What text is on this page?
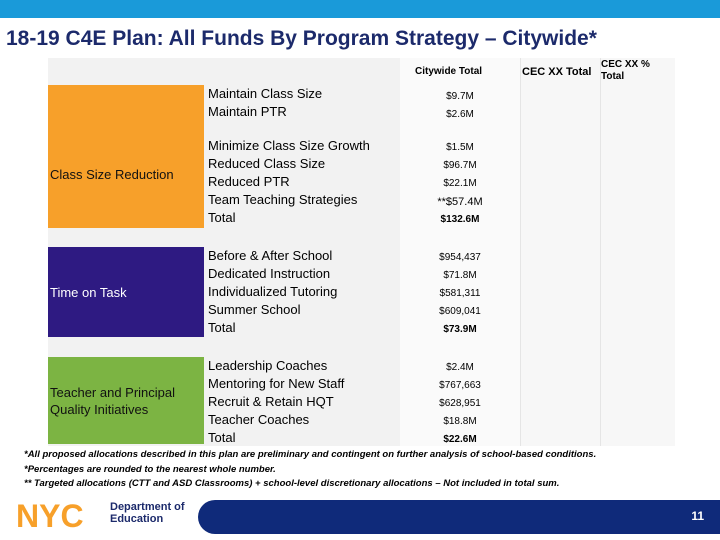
18-19 C4E Plan: All Funds By Program Strategy – Citywide*
Citywide Total	CEC XX Total
CEC XX %
Total
Maintain Class Size
Maintain PTR
$9.7M
$2.6M
Class Size Reduction
Minimize Class Size Growth
Reduced Class Size
Reduced PTR
Team Teaching Strategies
Total
$1.5M
$96.7M
$22.1M
**$57.4M
$132.6M
Time on Task
Before & After School
Dedicated Instruction
Individualized Tutoring
Summer School
Total
$954,437
$71.8M
$581,311
$609,041
$73.9M
Teacher and Principal Quality Initiatives
Leadership Coaches
Mentoring for New Staff
Recruit & Retain HQT
Teacher Coaches
Total
$2.4M
$767,663
$628,951
$18.8M
$22.6M
*All proposed allocations described in this plan are preliminary and contingent on further analysis of school-based conditions.
*Percentages are rounded to the nearest whole number.
** Targeted allocations (CTT and ASD Classrooms) + school-level discretionary allocations – Not included in total sum.
NYC Department of
Education	11
